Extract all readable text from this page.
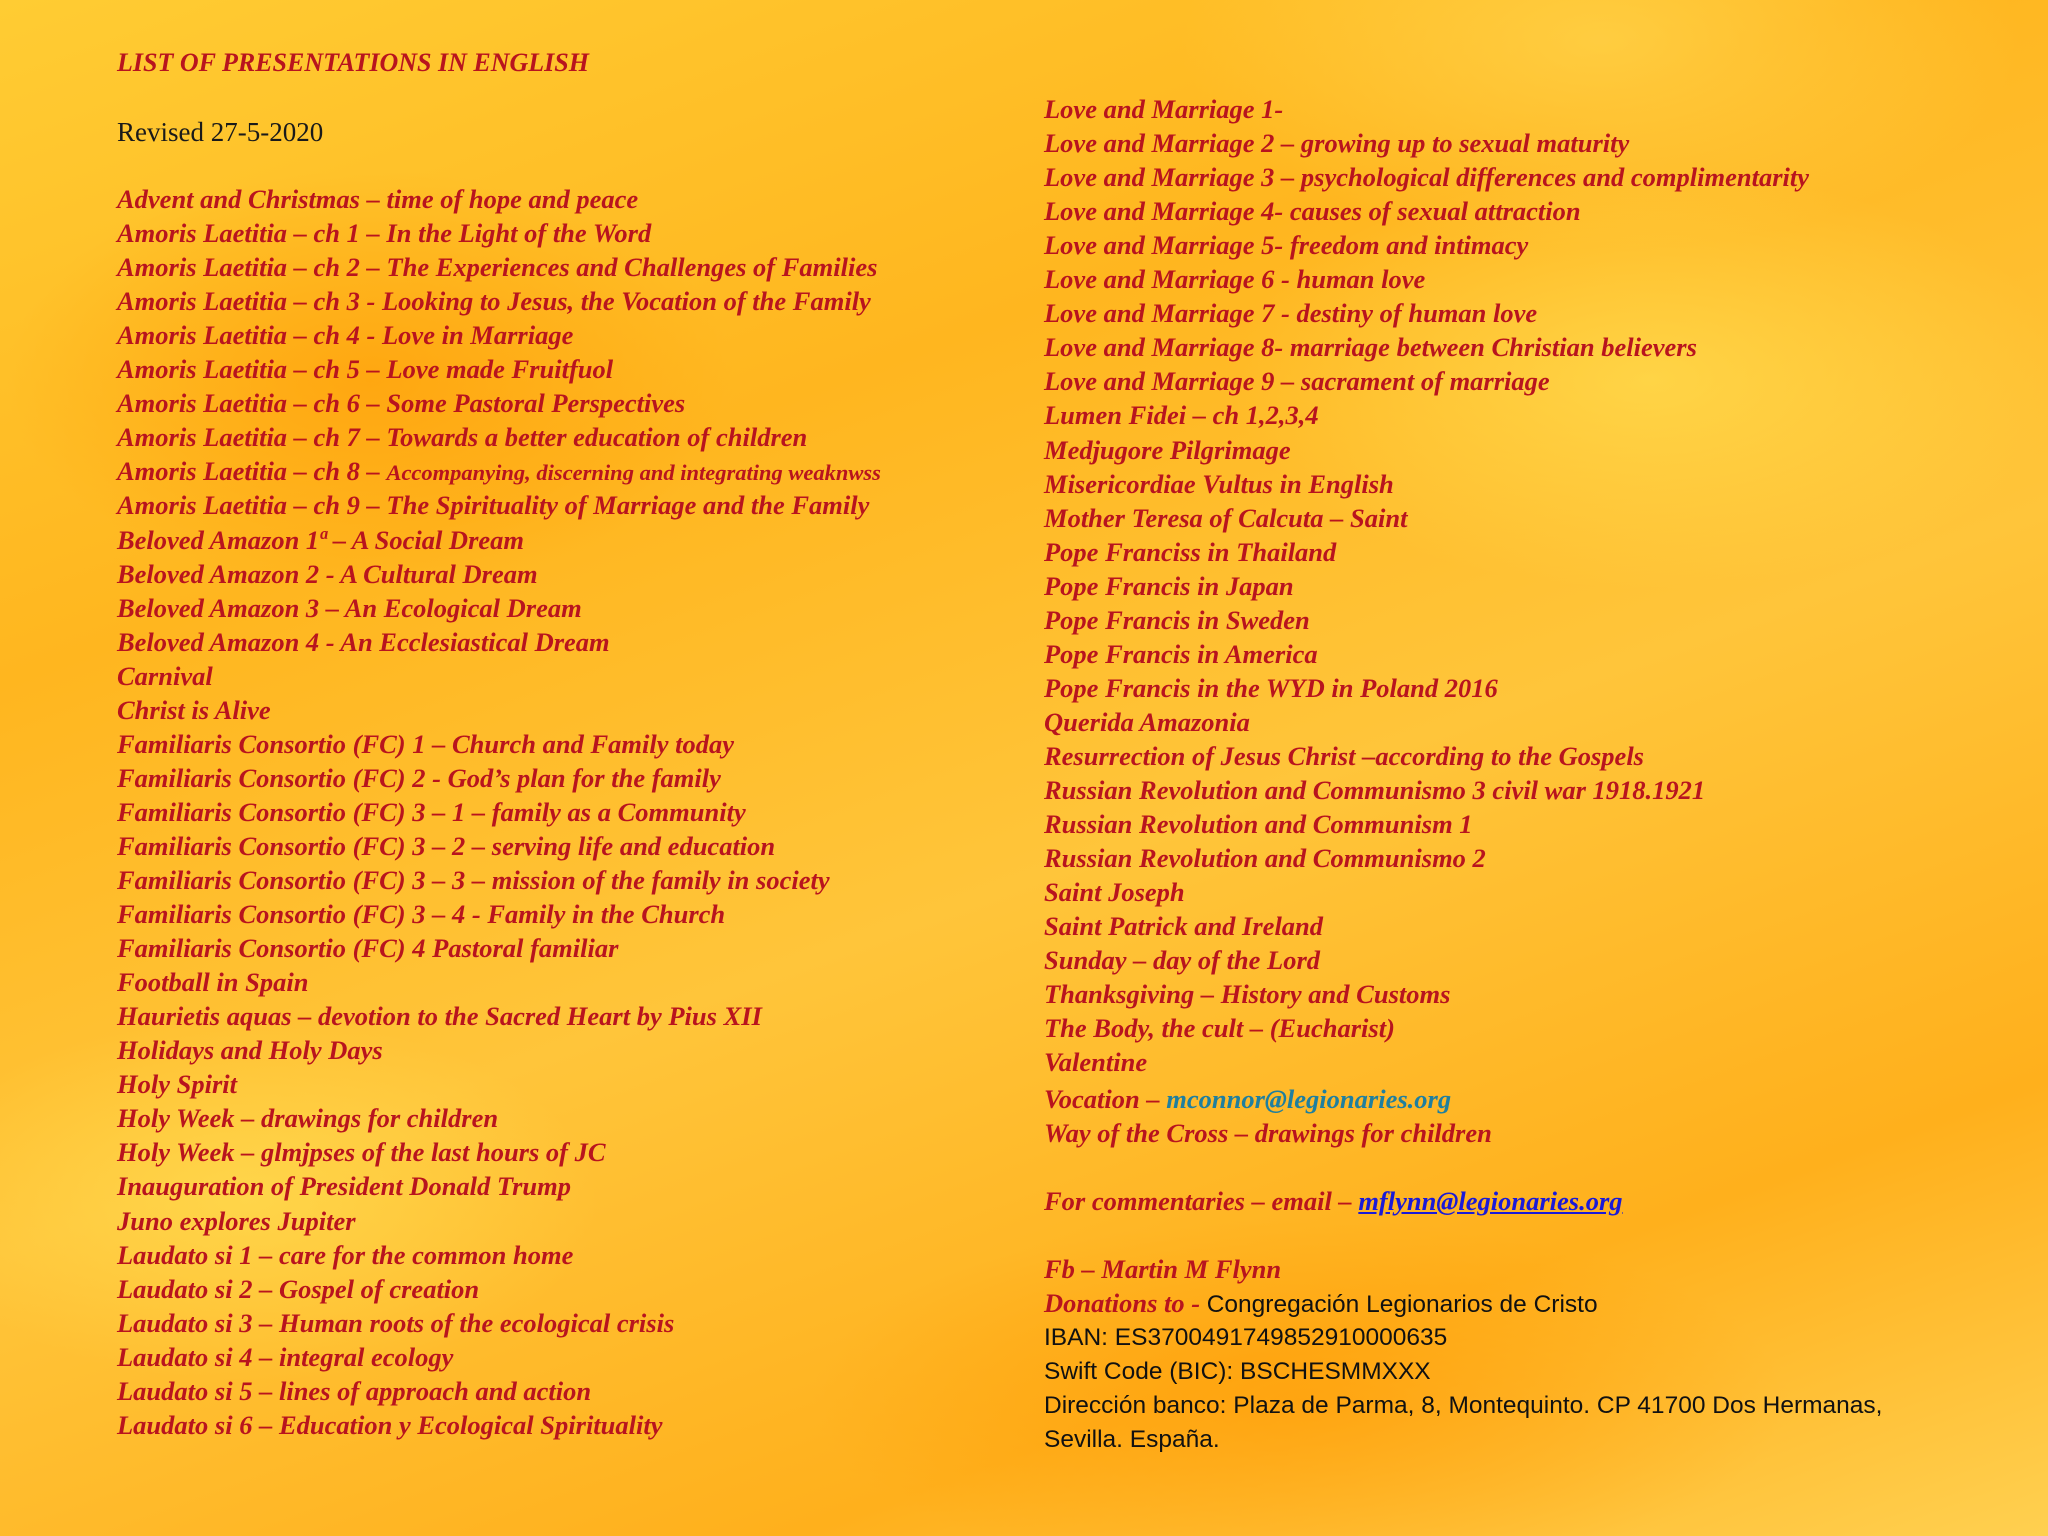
LIST OF PRESENTATIONS IN ENGLISH
Revised 27-5-2020
Advent and Christmas – time of hope and peace
Amoris Laetitia – ch 1 – In the Light of the Word
Amoris Laetitia – ch 2 – The Experiences and Challenges of Families
Amoris Laetitia – ch 3 - Looking to Jesus, the Vocation of the Family
Amoris Laetitia – ch 4 - Love in Marriage
Amoris Laetitia – ch 5 – Love made Fruitfuol
Amoris Laetitia – ch 6 – Some Pastoral Perspectives
Amoris Laetitia – ch 7 – Towards a better education of children
Amoris Laetitia – ch 8 – Accompanying, discerning and integrating weaknwss
Amoris Laetitia – ch 9 – The Spirituality of Marriage and the Family
Beloved Amazon 1ª – A Social Dream
Beloved Amazon 2 - A Cultural Dream
Beloved Amazon 3 – An Ecological Dream
Beloved Amazon 4 - An Ecclesiastical Dream
Carnival
Christ is Alive
Familiaris Consortio (FC) 1 – Church and Family today
Familiaris Consortio (FC) 2 - God’s plan for the family
Familiaris Consortio (FC) 3 – 1 – family as a Community
Familiaris Consortio (FC) 3 – 2 – serving life and education
Familiaris Consortio (FC) 3 – 3 – mission of the family in society
Familiaris Consortio (FC) 3 – 4 - Family in the Church
Familiaris Consortio (FC) 4 Pastoral familiar
Football in Spain
Haurietis aquas – devotion to the Sacred Heart by Pius XII
Holidays and Holy Days
Holy Spirit
Holy Week – drawings for children
Holy Week – glmjpses of the last hours of JC
Inauguration of President Donald Trump
Juno explores Jupiter
Laudato si 1 – care for the common home
Laudato si 2 – Gospel of creation
Laudato si 3 – Human roots of the ecological crisis
Laudato si 4 – integral ecology
Laudato si 5 – lines of approach and action
Laudato si 6 – Education y Ecological Spirituality
Love and Marriage 1-
Love and Marriage 2 – growing up to sexual maturity
Love and Marriage 3 – psychological differences and complimentarity
Love and Marriage 4- causes of sexual attraction
Love and Marriage 5- freedom and intimacy
Love and Marriage 6 - human love
Love and Marriage 7 - destiny of human love
Love and Marriage 8- marriage between Christian believers
Love and Marriage 9 – sacrament of marriage
Lumen Fidei – ch 1,2,3,4
Medjugore Pilgrimage
Misericordiae Vultus in English
Mother Teresa of Calcuta – Saint
Pope Franciss in Thailand
Pope Francis in Japan
Pope Francis in Sweden
Pope Francis in America
Pope Francis in the WYD in Poland 2016
Querida Amazonia
Resurrection of Jesus Christ –according to the Gospels
Russian Revolution and Communismo 3 civil war 1918.1921
Russian Revolution and Communism 1
Russian Revolution and Communismo 2
Saint Joseph
Saint Patrick and Ireland
Sunday – day of the Lord
Thanksgiving – History and Customs
The Body, the cult – (Eucharist)
Valentine
Vocation – mconnor@legionaries.org
Way of the Cross – drawings for children
For commentaries – email – mflynn@legionaries.org
Fb – Martin M Flynn
Donations to - Congregación Legionarios de Cristo
IBAN: ES3700491749852910000635
Swift Code (BIC): BSCHESMMXXX
Dirección banco: Plaza de Parma, 8, Montequinto. CP 41700 Dos Hermanas,
Sevilla. España.
